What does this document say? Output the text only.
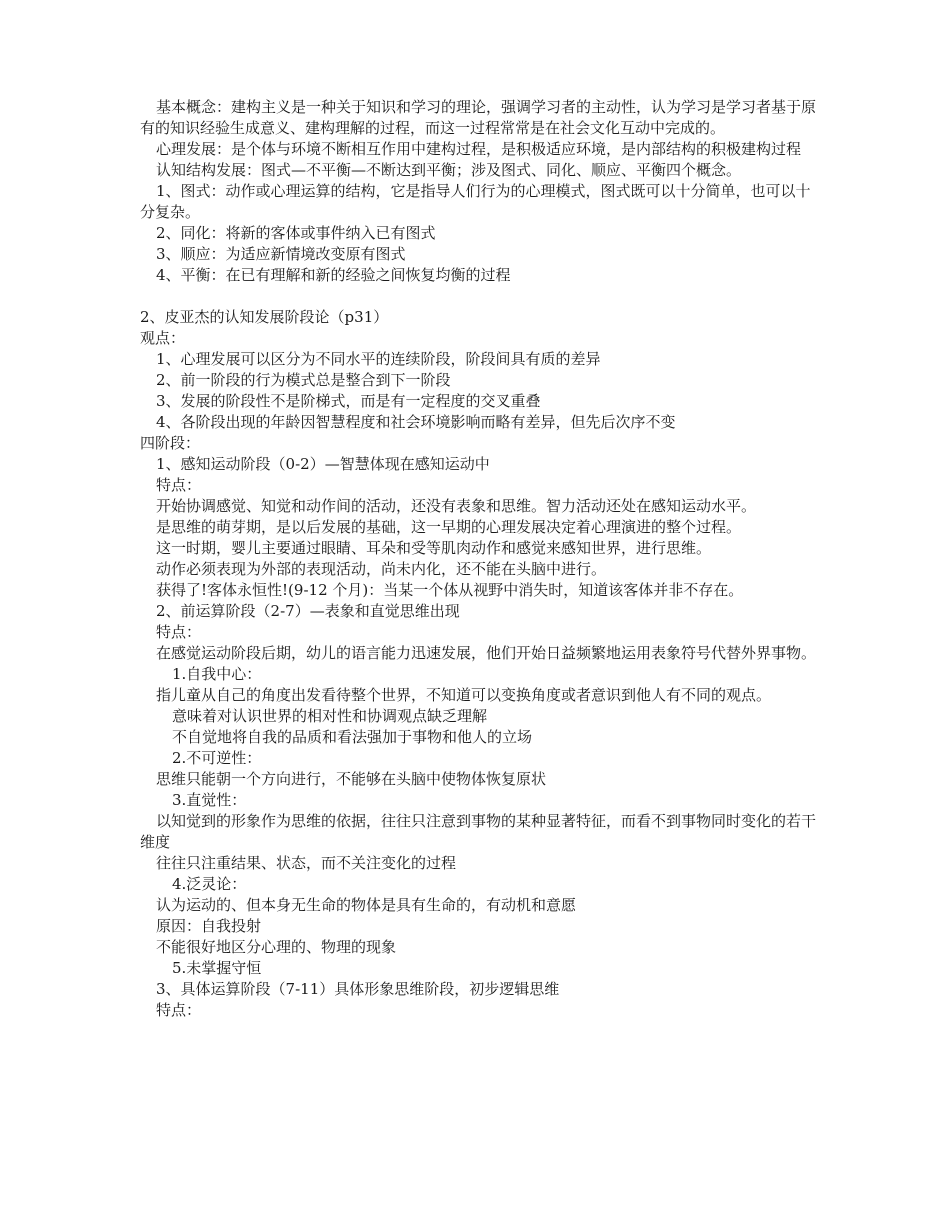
基本概念：建构主义是一种关于知识和学习的理论，强调学习者的主动性，认为学习是学习者基于原有的知识经验生成意义、建构理解的过程，而这一过程常常是在社会文化互动中完成的。

心理发展：是个体与环境不断相互作用中建构过程，是积极适应环境，是内部结构的积极建构过程

认知结构发展：图式—不平衡—不断达到平衡；涉及图式、同化、顺应、平衡四个概念。

1、图式：动作或心理运算的结构，它是指导人们行为的心理模式，图式既可以十分简单，也可以十分复杂。

2、同化：将新的客体或事件纳入已有图式

3、顺应：为适应新情境改变原有图式

4、平衡：在已有理解和新的经验之间恢复均衡的过程

2、皮亚杰的认知发展阶段论（p31）

观点：

1、心理发展可以区分为不同水平的连续阶段，阶段间具有质的差异

2、前一阶段的行为模式总是整合到下一阶段

3、发展的阶段性不是阶梯式，而是有一定程度的交叉重叠

4、各阶段出现的年龄因智慧程度和社会环境影响而略有差异，但先后次序不变

四阶段：

1、感知运动阶段（0-2）—智慧体现在感知运动中

特点：

开始协调感觉、知觉和动作间的活动，还没有表象和思维。智力活动还处在感知运动水平。

是思维的萌芽期，是以后发展的基础，这一早期的心理发展决定着心理演进的整个过程。

这一时期，婴儿主要通过眼睛、耳朵和受等肌肉动作和感觉来感知世界，进行思维。

动作必须表现为外部的表现活动，尚未内化，还不能在头脑中进行。

获得了!客体永恒性!(9-12 个月)：当某一个体从视野中消失时，知道该客体并非不存在。

2、前运算阶段（2-7）—表象和直觉思维出现

特点：

在感觉运动阶段后期，幼儿的语言能力迅速发展，他们开始日益频繁地运用表象符号代替外界事物。

1.自我中心：

指儿童从自己的角度出发看待整个世界，不知道可以变换角度或者意识到他人有不同的观点。

意味着对认识世界的相对性和协调观点缺乏理解

不自觉地将自我的品质和看法强加于事物和他人的立场

2.不可逆性：

思维只能朝一个方向进行，不能够在头脑中使物体恢复原状

3.直觉性：

以知觉到的形象作为思维的依据，往往只注意到事物的某种显著特征，而看不到事物同时变化的若干维度

往往只注重结果、状态，而不关注变化的过程

4.泛灵论：

认为运动的、但本身无生命的物体是具有生命的，有动机和意愿

原因：自我投射

不能很好地区分心理的、物理的现象

5.未掌握守恒

3、具体运算阶段（7-11）具体形象思维阶段，初步逻辑思维

特点：
